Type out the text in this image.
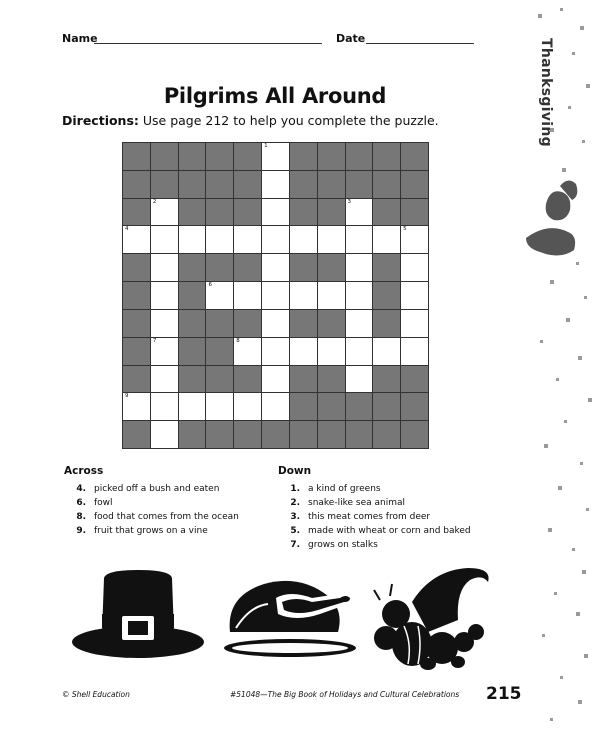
Name	Date
Pilgrims All Around
Directions: Use page 212 to help you complete the puzzle.
1
2	3
4	5
6
7	8
9
Across
4. picked off a bush and eaten
6. fowl
8. food that comes from the ocean
9. fruit that grows on a vine
Down
1. a kind of greens
2. snake-like sea animal
3. this meat comes from deer
5. made with wheat or corn and baked
7. grows on stalks
Thanksgiving
© Shell Education	#51048—The Big Book of Holidays and Cultural Celebrations 215
